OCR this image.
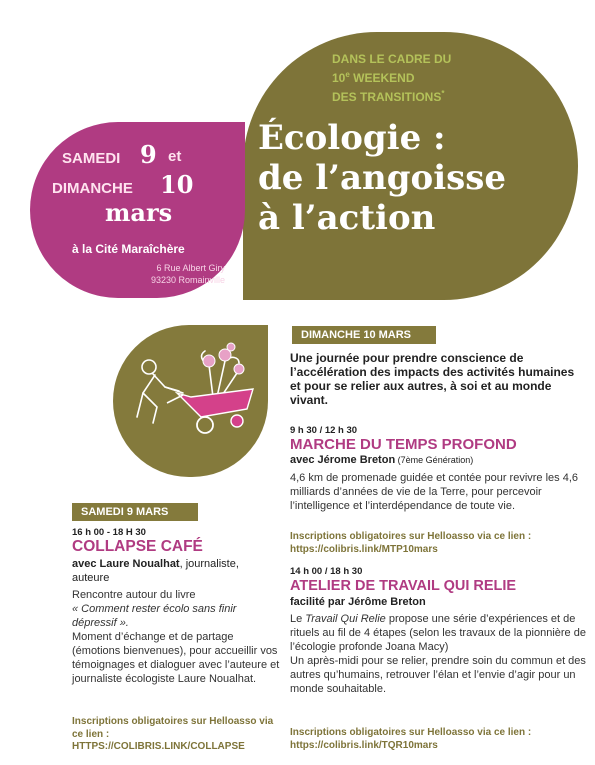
DANS LE CADRE DU
10e WEEKEND
DES TRANSITIONS*
Écologie :
de l’angoisse
à l’action
SAMEDI 9 et
DIMANCHE 10
mars
à la Cité Maraîchère
6 Rue Albert Giry
93230 Romainville
DIMANCHE 10 MARS
Une journée pour prendre conscience de l’accélération des impacts des activités humaines et pour se relier aux autres, à soi et au monde vivant.
9 h 30 / 12 h 30
MARCHE DU TEMPS PROFOND
avec Jérome Breton (7ème Génération)
4,6 km de promenade guidée et contée pour revivre les 4,6 milliards d’années de vie de la Terre, pour percevoir l’intelligence et l’interdépendance de toute vie.
Inscriptions obligatoires sur Helloasso via ce lien :
https://colibris.link/MTP10mars
14 h 00 / 18 h 30
ATELIER DE TRAVAIL QUI RELIE
facilité par Jérôme Breton
Le Travail Qui Relie propose une série d’expériences et de rituels au fil de 4 étapes (selon les travaux de la pionnière de l’écologie profonde Joana Macy)
Un après-midi pour se relier, prendre soin du commun et des autres qu’humains, retrouver l’élan et l’envie d’agir pour un monde souhaitable.
Inscriptions obligatoires sur Helloasso via ce lien :
https://colibris.link/TQR10mars
SAMEDI 9 MARS
16 h 00 - 18 H 30
COLLAPSE CAFÉ
avec Laure Noualhat, journaliste, auteure
Rencontre autour du livre
« Comment rester écolo sans finir dépressif ».
Moment d’échange et de partage (émotions bienvenues), pour accueillir vos témoignages et dialoguer avec l’auteure et journaliste écologiste Laure Noualhat.
Inscriptions obligatoires sur Helloasso via ce lien :
HTTPS://COLIBRIS.LINK/COLLAPSE
